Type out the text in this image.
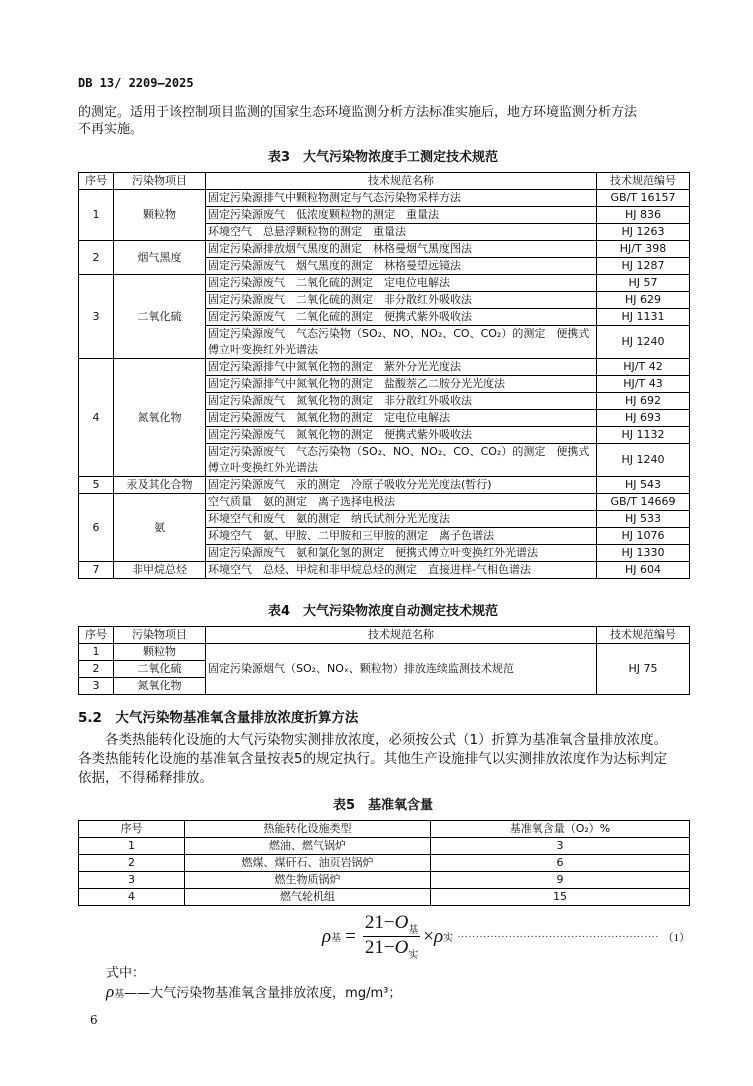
DB 13/ 2209—2025
的测定。适用于该控制项目监测的国家生态环境监测分析方法标准实施后，地方环境监测分析方法
不再实施。
表3　大气污染物浓度手工测定技术规范
序号	污染物项目	技术规范名称	技术规范编号
1	颗粒物	固定污染源排气中颗粒物测定与气态污染物采样方法	GB/T 16157
		固定污染源废气　低浓度颗粒物的测定　重量法	HJ 836
		环境空气　总悬浮颗粒物的测定　重量法	HJ 1263
2	烟气黑度	固定污染源排放烟气黑度的测定　林格曼烟气黑度图法	HJ/T 398
		固定污染源废气　烟气黑度的测定　林格曼望远镜法	HJ 1287
3	二氧化硫	固定污染源废气　二氧化硫的测定　定电位电解法	HJ 57
		固定污染源废气　二氧化硫的测定　非分散红外吸收法	HJ 629
		固定污染源废气　二氧化硫的测定　便携式紫外吸收法	HJ 1131
		固定污染源废气　气态污染物（SO₂、NO、NO₂、CO、CO₂）的测定　便携式傅立叶变换红外光谱法	HJ 1240
4	氮氧化物	固定污染源排气中氮氧化物的测定　紫外分光光度法	HJ/T 42
		固定污染源排气中氮氧化物的测定　盐酸萘乙二胺分光光度法	HJ/T 43
		固定污染源废气　氮氧化物的测定　非分散红外吸收法	HJ 692
		固定污染源废气　氮氧化物的测定　定电位电解法	HJ 693
		固定污染源废气　氮氧化物的测定　便携式紫外吸收法	HJ 1132
		固定污染源废气　气态污染物（SO₂、NO、NO₂、CO、CO₂）的测定　便携式傅立叶变换红外光谱法	HJ 1240
5	汞及其化合物	固定污染源废气　汞的测定　冷原子吸收分光光度法(暂行)	HJ 543
6	氨	空气质量　氨的测定　离子选择电极法	GB/T 14669
		环境空气和废气　氨的测定　纳氏试剂分光光度法	HJ 533
		环境空气　氨、甲胺、二甲胺和三甲胺的测定　离子色谱法	HJ 1076
		固定污染源废气　氨和氯化氢的测定　便携式傅立叶变换红外光谱法	HJ 1330
7	非甲烷总烃	环境空气　总烃、甲烷和非甲烷总烃的测定　直接进样-气相色谱法	HJ 604
表4　大气污染物浓度自动测定技术规范
序号	污染物项目	技术规范名称	技术规范编号
1	颗粒物	固定污染源烟气（SO₂、NOₓ、颗粒物）排放连续监测技术规范	HJ 75
2	二氧化硫		
3	氮氧化物		
5.2　大气污染物基准氧含量排放浓度折算方法
　　各类热能转化设施的大气污染物实测排放浓度，必须按公式（1）折算为基准氧含量排放浓度。
各类热能转化设施的基准氧含量按表5的规定执行。其他生产设施排气以实测排放浓度作为达标判定
依据，不得稀释排放。
表5　基准氧含量
序号	热能转化设施类型	基准氧含量（O₂）%
1	燃油、燃气锅炉	3
2	燃煤、煤矸石、油页岩锅炉	6
3	燃生物质锅炉	9
4	燃气轮机组	15
ρ 基 = $\frac{21-O_基}{21-O_实} \times \rho$ 实 ······················································· （1）
式中：
ρ 基 ——大气污染物基准氧含量排放浓度，mg/m³；
6
